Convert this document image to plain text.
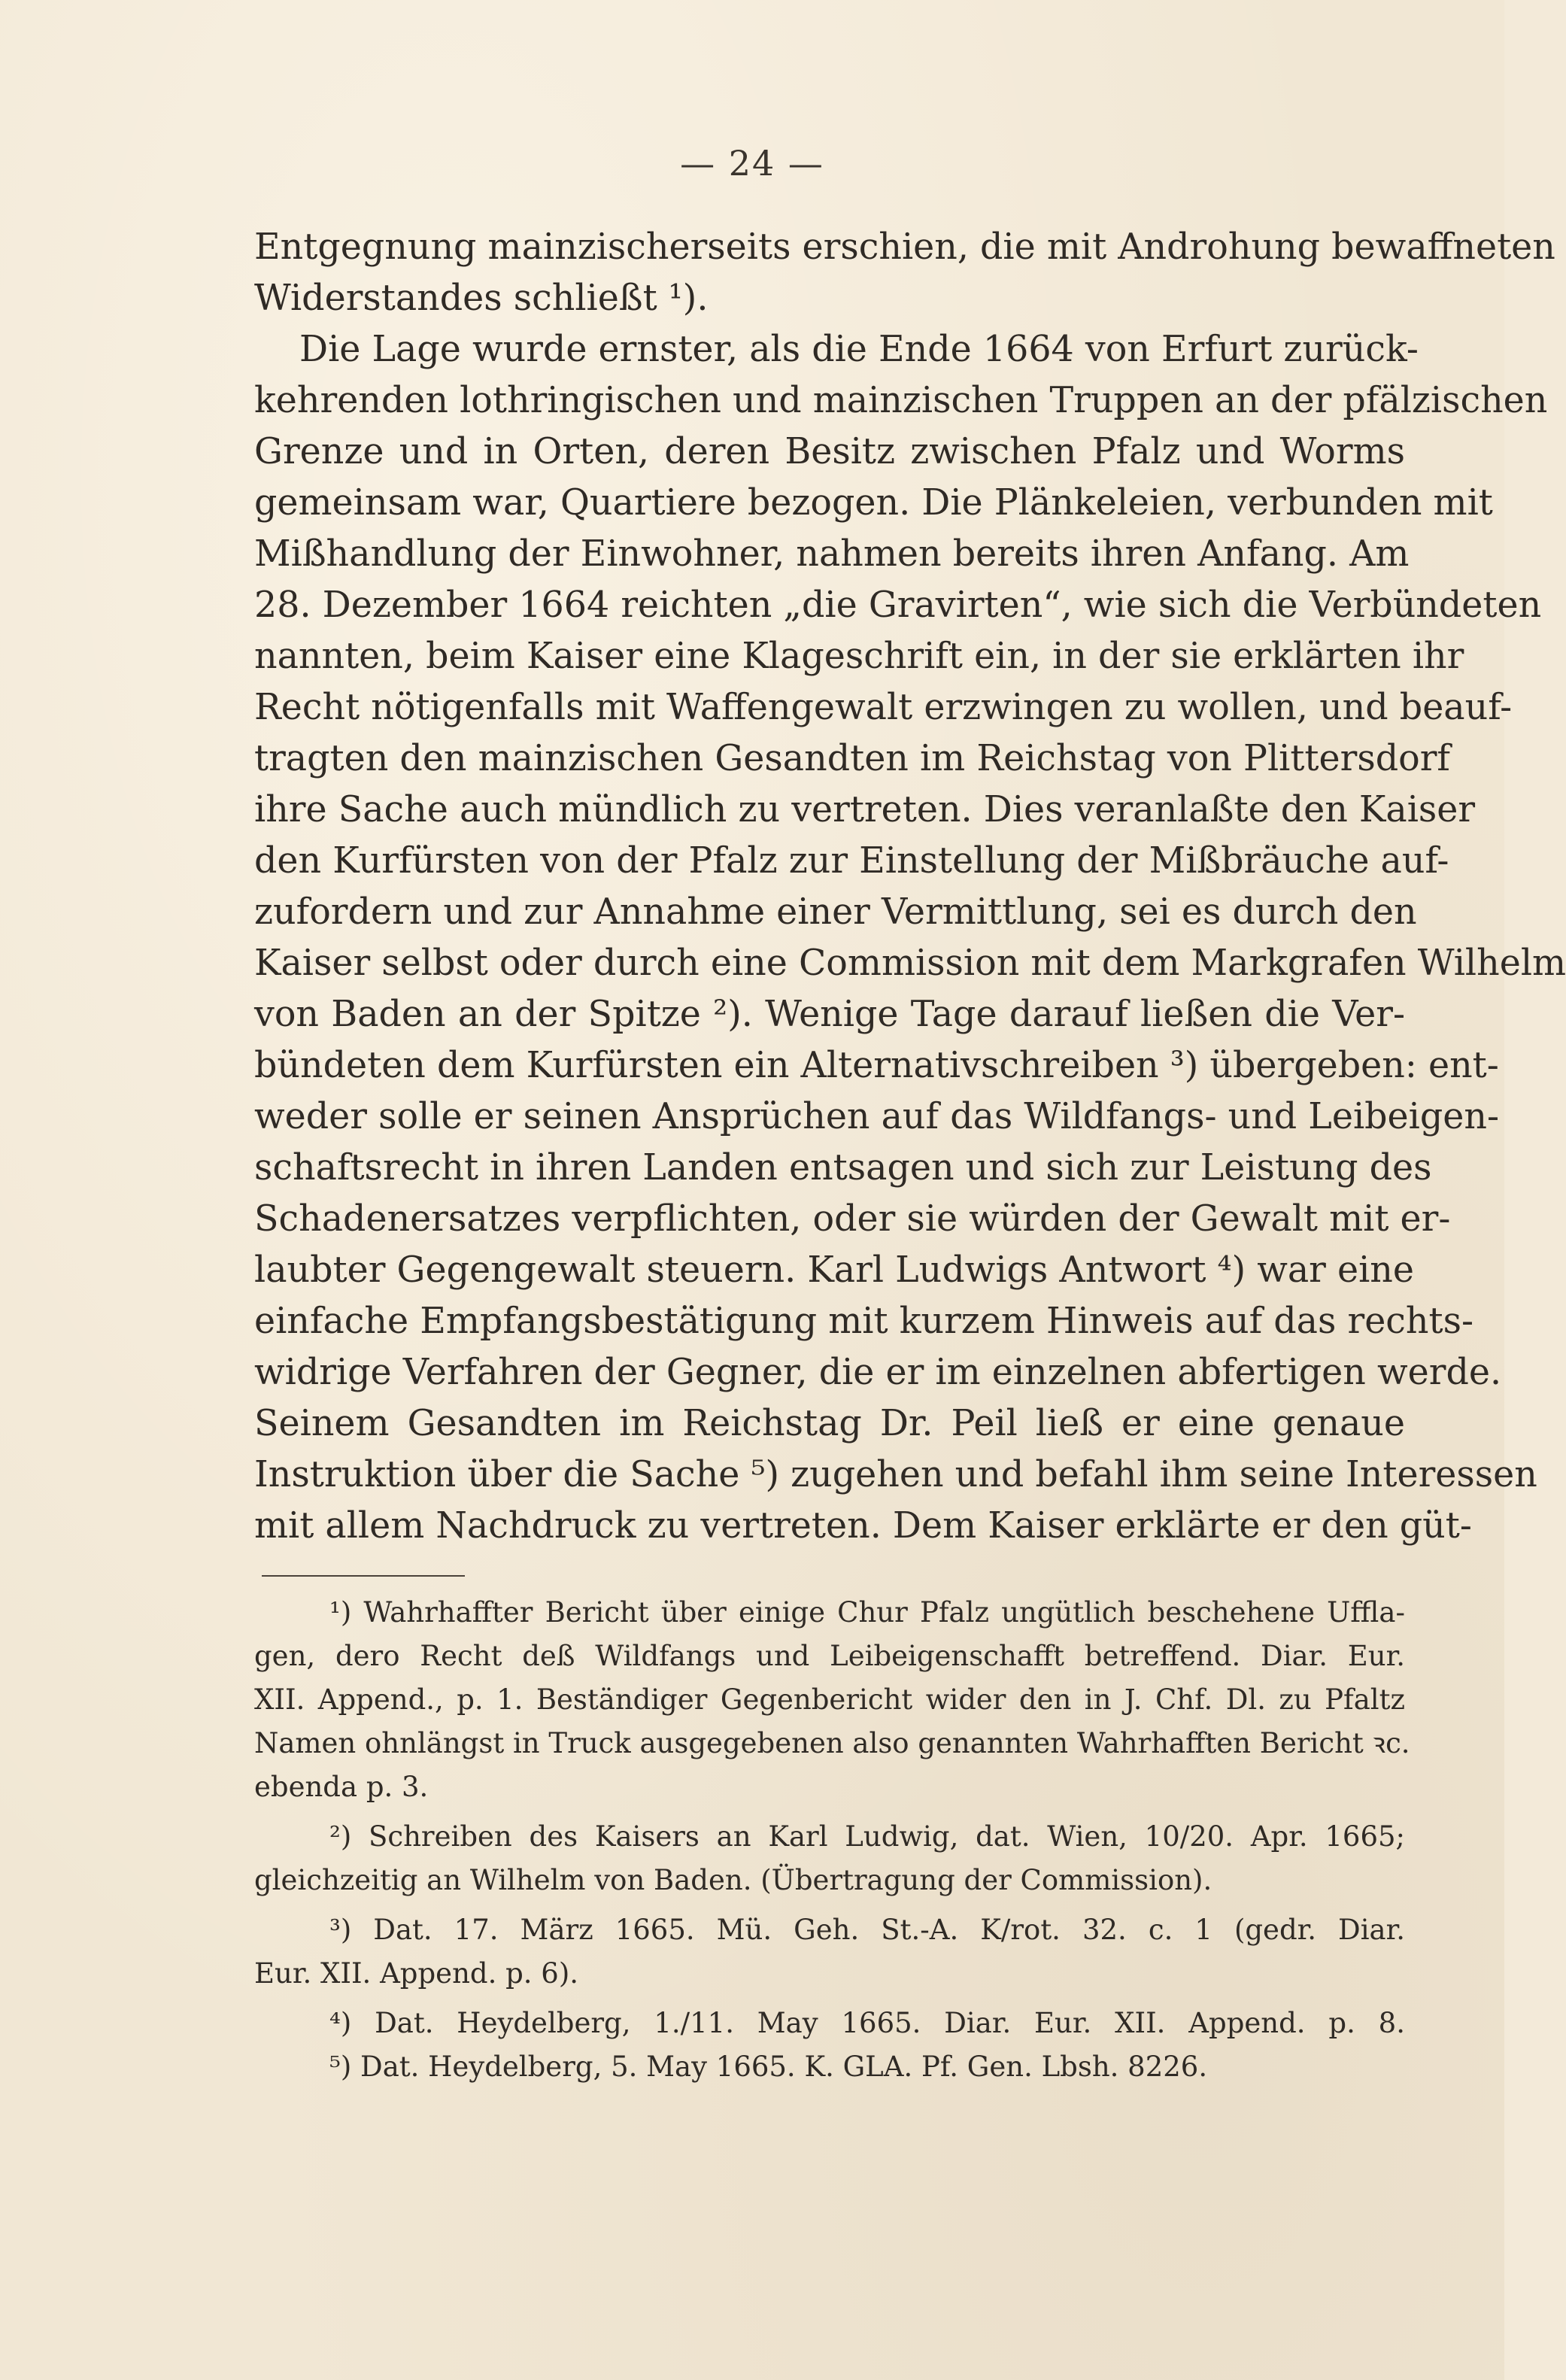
— 24 —
Entgegnung mainzischerseits erschien, die mit Androhung bewaffneten
Widerstandes schließt ¹).
Die Lage wurde ernster, als die Ende 1664 von Erfurt zurück-
kehrenden lothringischen und mainzischen Truppen an der pfälzischen
Grenze und in Orten, deren Besitz zwischen Pfalz und Worms
gemeinsam war, Quartiere bezogen. Die Plänkeleien, verbunden mit
Mißhandlung der Einwohner, nahmen bereits ihren Anfang. Am
28. Dezember 1664 reichten „die Gravirten“, wie sich die Verbündeten
nannten, beim Kaiser eine Klageschrift ein, in der sie erklärten ihr
Recht nötigenfalls mit Waffengewalt erzwingen zu wollen, und beauf-
tragten den mainzischen Gesandten im Reichstag von Plittersdorf
ihre Sache auch mündlich zu vertreten. Dies veranlaßte den Kaiser
den Kurfürsten von der Pfalz zur Einstellung der Mißbräuche auf-
zufordern und zur Annahme einer Vermittlung, sei es durch den
Kaiser selbst oder durch eine Commission mit dem Markgrafen Wilhelm
von Baden an der Spitze ²). Wenige Tage darauf ließen die Ver-
bündeten dem Kurfürsten ein Alternativschreiben ³) übergeben: ent-
weder solle er seinen Ansprüchen auf das Wildfangs- und Leibeigen-
schaftsrecht in ihren Landen entsagen und sich zur Leistung des
Schadenersatzes verpflichten, oder sie würden der Gewalt mit er-
laubter Gegengewalt steuern. Karl Ludwigs Antwort ⁴) war eine
einfache Empfangsbestätigung mit kurzem Hinweis auf das rechts-
widrige Verfahren der Gegner, die er im einzelnen abfertigen werde.
Seinem Gesandten im Reichstag Dr. Peil ließ er eine genaue
Instruktion über die Sache ⁵) zugehen und befahl ihm seine Interessen
mit allem Nachdruck zu vertreten. Dem Kaiser erklärte er den güt-
¹) Wahrhaffter Bericht über einige Chur Pfalz ungütlich beschehene Uffla-
gen, dero Recht deß Wildfangs und Leibeigenschafft betreffend. Diar. Eur.
XII. Append., p. 1. Beständiger Gegenbericht wider den in J. Chf. Dl. zu Pfaltz
Namen ohnlängst in Truck ausgegebenen also genannten Wahrhafften Bericht ꝛc.
ebenda p. 3.
²) Schreiben des Kaisers an Karl Ludwig, dat. Wien, 10/20. Apr. 1665;
gleichzeitig an Wilhelm von Baden. (Übertragung der Commission).
³) Dat. 17. März 1665. Mü. Geh. St.-A. K/rot. 32. c. 1 (gedr. Diar.
Eur. XII. Append. p. 6).
⁴) Dat. Heydelberg, 1./11. May 1665. Diar. Eur. XII. Append. p. 8.
⁵) Dat. Heydelberg, 5. May 1665. K. GLA. Pf. Gen. Lbsh. 8226.
